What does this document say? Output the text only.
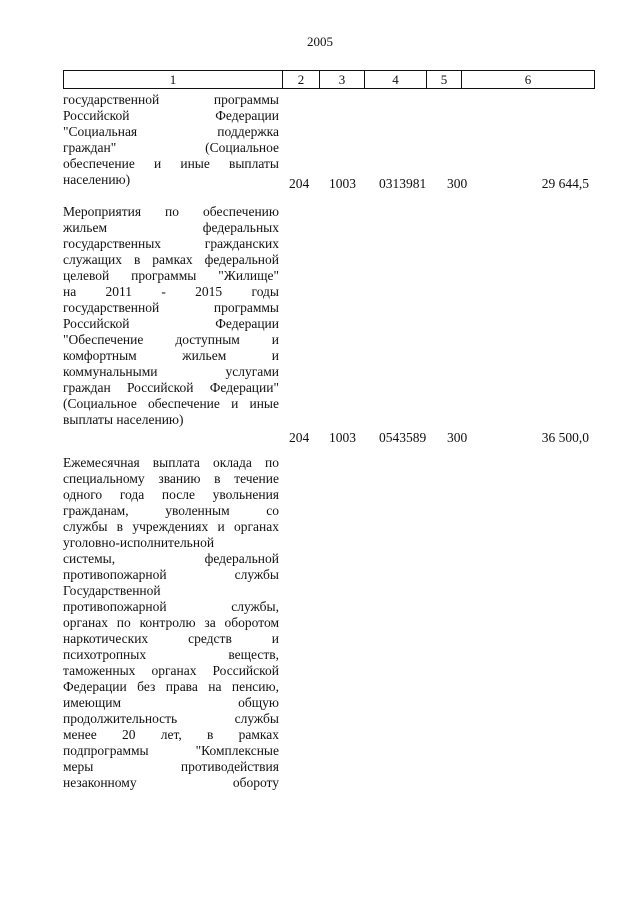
2005
1	2	3	4	5	6
государственной программы
Российской Федерации
"Социальная поддержка
граждан" (Социальное
обеспечение и иные выплаты
населению)	204 1003 0313981 300	29 644,5
Мероприятия по обеспечению
жильем федеральных
государственных гражданских
служащих в рамках федеральной
целевой программы "Жилище"
на 2011 - 2015 годы
государственной программы
Российской Федерации
"Обеспечение доступным и
комфортным жильем и
коммунальными услугами
граждан Российской Федерации"
(Социальное обеспечение и иные
выплаты населению)
204 1003 0543589 300	36 500,0
Ежемесячная выплата оклада по
специальному званию в течение
одного года после увольнения
гражданам, уволенным со
службы в учреждениях и органах
уголовно-исполнительной
системы, федеральной
противопожарной службы
Государственной
противопожарной службы,
органах по контролю за оборотом
наркотических средств и
психотропных веществ,
таможенных органах Российской
Федерации без права на пенсию,
имеющим общую
продолжительность службы
менее 20 лет, в рамках
подпрограммы "Комплексные
меры противодействия
незаконному обороту
